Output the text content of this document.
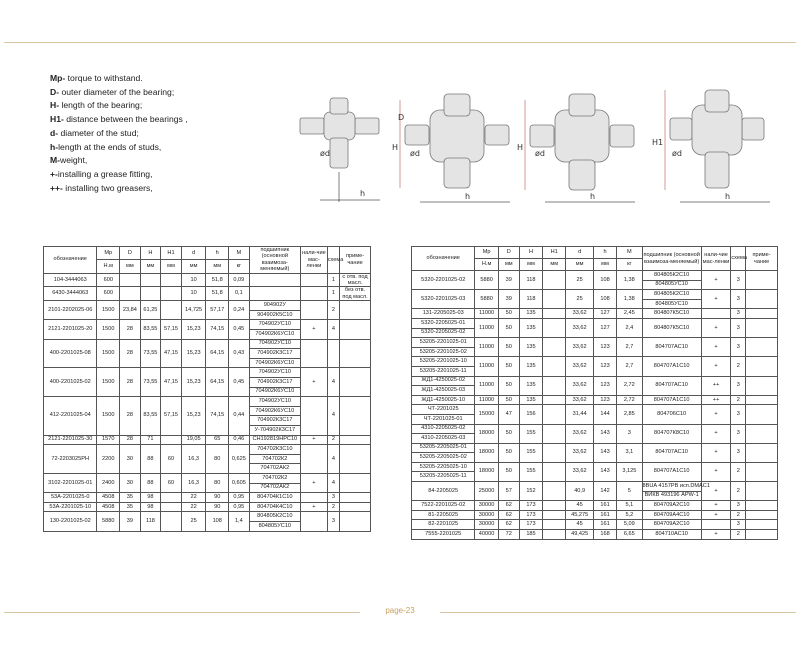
page-23
Mp- torque to withstand.
D- outer diameter of the bearing;
H- length of the bearing;
H1- distance between the bearings ,
d- diameter of the stud;
h-length at the ends of studs,
M-weight,
+-installing a grease fitting,
++- installing two greasers,
ød
h
ød
H
D
h
ød
H
h
ød
H1
h
обозначение	Mp	D	H	H1	d	h	M	подшипник (основной взаимоза-меняемый)	нали-чие мас-ленки	схема	приме-чание
	Н.м	мм	мм	мм	мм	мм	кг				
104-3444063	600				10	51,8	0,09			1	с отв. под масл.
6430-3444063	600				10	51,8	0,1			1	без отв. под масл.
2101-2202025-06	1500	23,84	61,25		14,725	57,17	0,24	904902У		2	
								904902К5С10			
2121-2201025-20	1500	28	83,55	57,15	15,23	74,15	0,45	704902УС10	+	4	
								704902К6УС10			
400-2201025-08	1500	28	73,55	47,15	15,23	64,15	0,43	704902УС10			
								704902К3С17			
								704902К6УС10			
400-2201025-02	1500	28	73,55	47,15	15,23	64,15	0,45	704902УС10	+	4	
								704902К3С17			
								704902К6УС10			
412-2201025-04	1500	28	83,55	57,15	15,23	74,15	0,44	704902УС10		4	
								704902К6УС10			
								704902К3С17			
								У-704902К3С17			
2121-2201025-30	1570	28	71		19,05	65	0,46	СН192819НРС10	+	2	
72-2203025РН	2200	30	88	60	16,3	80	0,625	704702К3С10		4	
								704702К2			
								704702АК2			
3102-2201025-01	2400	30	88	60	16,3	80	0,605	704702К2	+	4	
								704702АК2			
53А-2201025-0	4508	35	98		22	90	0,95	804704К1С10		3	
53А-2201025-10	4508	35	98		22	90	0,95	804704К4С10	+	2	
130-2201025-02	5880	39	118		25	108	1,4	804805К2С10		3	
								804805УС10			
обозначение	Mp	D	H	H1	d	h	M	подшипник (основной взаимоза-меняемый)	нали-чие мас-ленки	схема	приме-чание
	Н.м	мм	мм	мм	мм	мм	кг				
5320-2201025-02	5880	39	118		25	108	1,38	804805К2С10	+	3	
								804805УС10			
5320-2201025-03	5880	39	118		25	108	1,38	804805К2С10	+	3	
								804805УС10			
131-2205025-03	11000	50	135		33,62	127	2,45	804807К5С10		3	
5320-2205025-01	11000	50	135		33,62	127	2,4	804807К5С10	+	3	
5320-2205025-02											
53205-2201025-01	11000	50	135		33,62	123	2,7	804707АС10	+	3	
53205-2201025-02											
53205-2201025-10	11000	50	135		33,62	123	2,7	804707А1С10	+	2	
53205-2201025-11											
ЖД1-4250025-02	11000	50	135		33,62	123	2,72	804707АС10	++	3	
ЖД1-4250025-03											
ЖД1-4250025-10	11000	50	135		33,62	123	2,72	804707А1С10	++	2	
ЧТ-2201025	15000	47	156		31,44	144	2,85	804706С10	+	3	
ЧТ-2201025-01											
4310-2205025-02	18000	50	155		33,62	143	3	804707К8С10	+	3	
4310-2205025-03											
53205-2205025-01	18000	50	155		33,62	143	3,1	804707АС10	+	3	
53205-2205025-02											
53205-2205025-10	18000	50	155		33,62	143	3,125	804707А1С10	+	2	
53205-2205025-11											
84-2205025	25000	57	152		40,9	142	5	8ВUA 4157PB исп.DMAC1	+	2	
								ВИКВ 493196 APW-1			
7522-2201025-02	30000	62	173		45	161	5,1	804709А2С10	+	3	
81-2205025	30000	62	173		45,275	161	5,2	804709А4С10	+	2	
82-2201025	30000	62	173		45	161	5,09	804709А2С10		3	
7555-2201025	40000	72	185		49,425	168	6,65	804710АС10	+	2	
